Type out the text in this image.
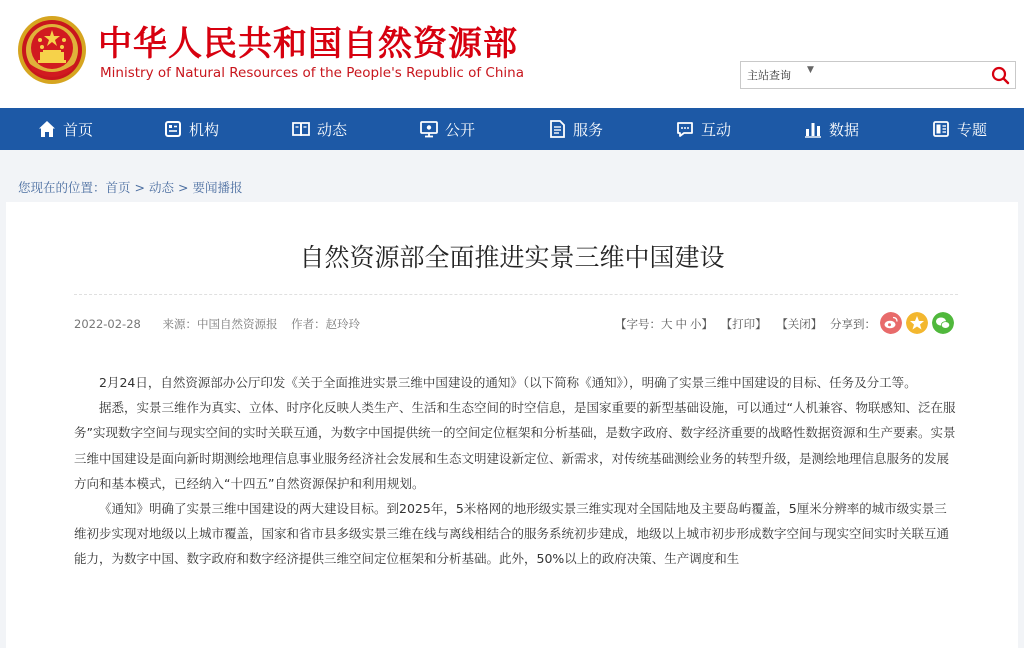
中华人民共和国自然资源部
Ministry of Natural Resources of the People's Republic of China	主站查询 ▼
首页	机构	动态	公开	服务	互动	数据	专题
您现在的位置：首页 > 动态 > 要闻播报
自然资源部全面推进实景三维中国建设
2022-02-28 来源：中国自然资源报 作者：赵玲玲	【字号：大 中 小】 【打印】 【关闭】 分享到：

2月24日，自然资源部办公厅印发《关于全面推进实景三维中国建设的通知》（以下简称《通知》），明确了实景三维中国建设的目标、任务及分工等。

据悉，实景三维作为真实、立体、时序化反映人类生产、生活和生态空间的时空信息，是国家重要的新型基础设施，可以通过“人机兼容、物联感知、泛在服务”实现数字空间与现实空间的实时关联互通，为数字中国提供统一的空间定位框架和分析基础，是数字政府、数字经济重要的战略性数据资源和生产要素。实景三维中国建设是面向新时期测绘地理信息事业服务经济社会发展和生态文明建设新定位、新需求，对传统基础测绘业务的转型升级，是测绘地理信息服务的发展方向和基本模式，已经纳入“十四五”自然资源保护和利用规划。

《通知》明确了实景三维中国建设的两大建设目标。到2025年，5米格网的地形级实景三维实现对全国陆地及主要岛屿覆盖，5厘米分辨率的城市级实景三维初步实现对地级以上城市覆盖，国家和省市县多级实景三维在线与离线相结合的服务系统初步建成，地级以上城市初步形成数字空间与现实空间实时关联互通能力，为数字中国、数字政府和数字经济提供三维空间定位框架和分析基础。此外，50%以上的政府决策、生产调度和生
